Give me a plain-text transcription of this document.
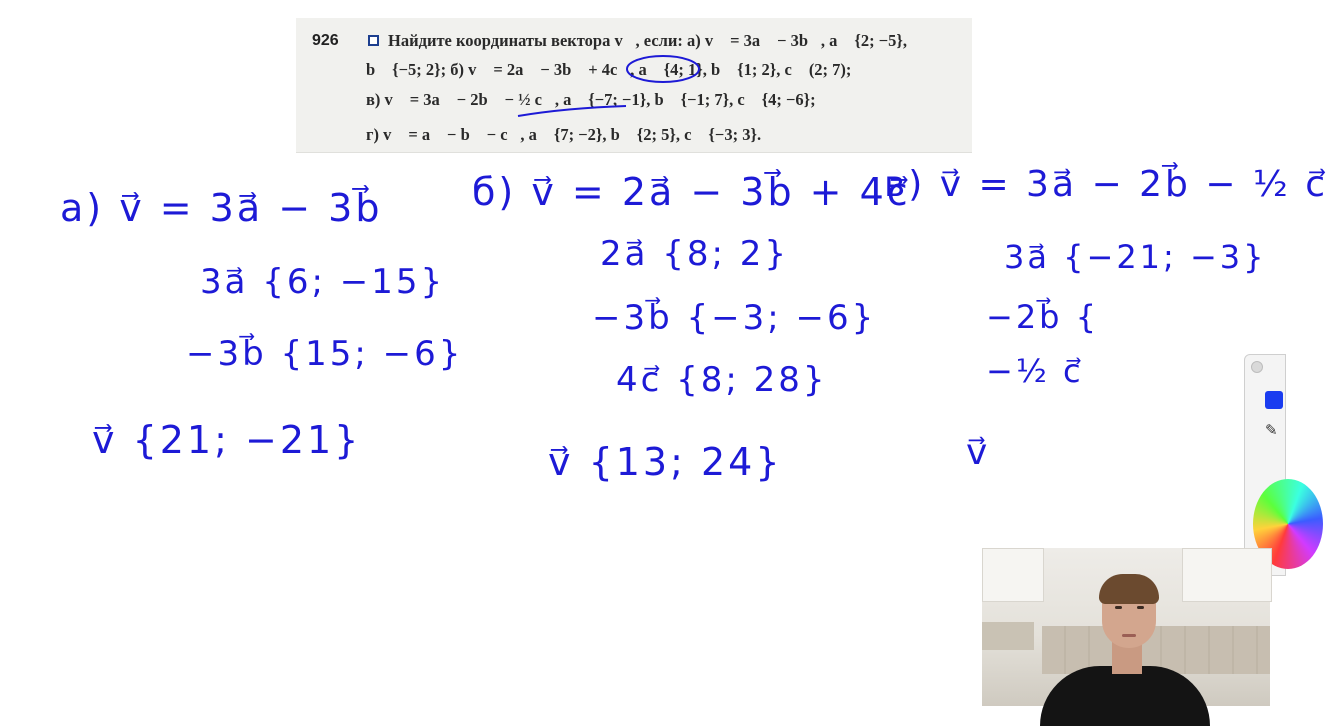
926	Найдите координаты вектора v⃗, если: а) v⃗ = 3a⃗ − 3b⃗, a⃗ {2; −5},
b⃗ {−5; 2}; б) v⃗ = 2a⃗ − 3b⃗ + 4c⃗, a⃗ {4; 1}, b⃗ {1; 2}, c⃗ (2; 7);
в) v⃗ = 3a⃗ − 2b⃗ − ½ c⃗, a⃗ {−7; −1}, b⃗ {−1; 7}, c⃗ {4; −6};
г) v⃗ = a⃗ − b⃗ − c⃗, a⃗ {7; −2}, b⃗ {2; 5}, c⃗ {−3; 3}.
а) v⃗ = 3a⃗ − 3b⃗
3a⃗ {6; −15}
−3b⃗ {15; −6}
v⃗ {21; −21}
б) v⃗ = 2a⃗ − 3b⃗ + 4c⃗
2a⃗ {8; 2}
−3b⃗ {−3; −6}
4c⃗ {8; 28}
v⃗ {13; 24}
в) v⃗ = 3a⃗ − 2b⃗ − ½ c⃗
3a⃗ {−21; −3}
−2b⃗ {
−½ c⃗
v⃗
✎
